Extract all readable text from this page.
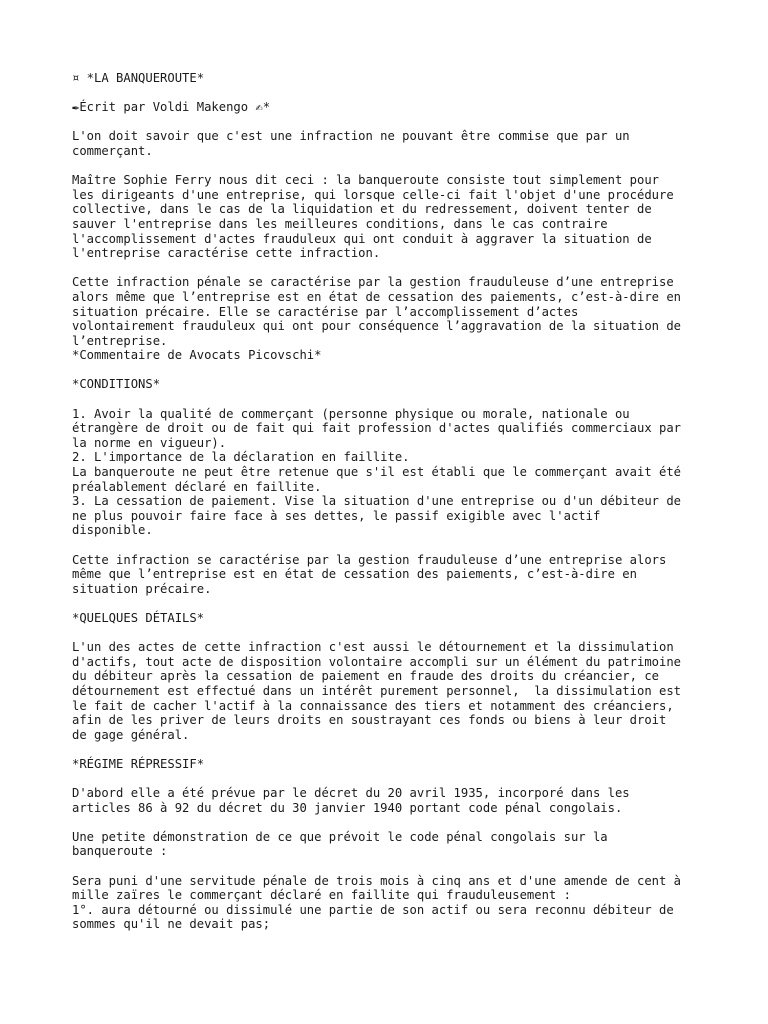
¤ *LA BANQUEROUTE*

✒Écrit par Voldi Makengo ✍*

L'on doit savoir que c'est une infraction ne pouvant être commise que par un
commerçant.

Maître Sophie Ferry nous dit ceci : la banqueroute consiste tout simplement pour
les dirigeants d'une entreprise, qui lorsque celle-ci fait l'objet d'une procédure
collective, dans le cas de la liquidation et du redressement, doivent tenter de
sauver l'entreprise dans les meilleures conditions, dans le cas contraire
l'accomplissement d'actes frauduleux qui ont conduit à aggraver la situation de
l'entreprise caractérise cette infraction.

Cette infraction pénale se caractérise par la gestion frauduleuse d’une entreprise
alors même que l’entreprise est en état de cessation des paiements, c’est-à-dire en
situation précaire. Elle se caractérise par l’accomplissement d’actes
volontairement frauduleux qui ont pour conséquence l’aggravation de la situation de
l’entreprise.
*Commentaire de Avocats Picovschi*

*CONDITIONS*

1. Avoir la qualité de commerçant (personne physique ou morale, nationale ou
étrangère de droit ou de fait qui fait profession d'actes qualifiés commerciaux par
la norme en vigueur).
2. L'importance de la déclaration en faillite.
La banqueroute ne peut être retenue que s'il est établi que le commerçant avait été
préalablement déclaré en faillite.
3. La cessation de paiement. Vise la situation d'une entreprise ou d'un débiteur de
ne plus pouvoir faire face à ses dettes, le passif exigible avec l'actif
disponible.

Cette infraction se caractérise par la gestion frauduleuse d’une entreprise alors
même que l’entreprise est en état de cessation des paiements, c’est-à-dire en
situation précaire.

*QUELQUES DÉTAILS*

L'un des actes de cette infraction c'est aussi le détournement et la dissimulation
d'actifs, tout acte de disposition volontaire accompli sur un élément du patrimoine
du débiteur après la cessation de paiement en fraude des droits du créancier, ce
détournement est effectué dans un intérêt purement personnel,  la dissimulation est
le fait de cacher l'actif à la connaissance des tiers et notamment des créanciers,
afin de les priver de leurs droits en soustrayant ces fonds ou biens à leur droit
de gage général.

*RÉGIME RÉPRESSIF*

D'abord elle a été prévue par le décret du 20 avril 1935, incorporé dans les
articles 86 à 92 du décret du 30 janvier 1940 portant code pénal congolais.

Une petite démonstration de ce que prévoit le code pénal congolais sur la
banqueroute :

Sera puni d'une servitude pénale de trois mois à cinq ans et d'une amende de cent à
mille zaïres le commerçant déclaré en faillite qui frauduleusement :
1°. aura détourné ou dissimulé une partie de son actif ou sera reconnu débiteur de
sommes qu'il ne devait pas;
